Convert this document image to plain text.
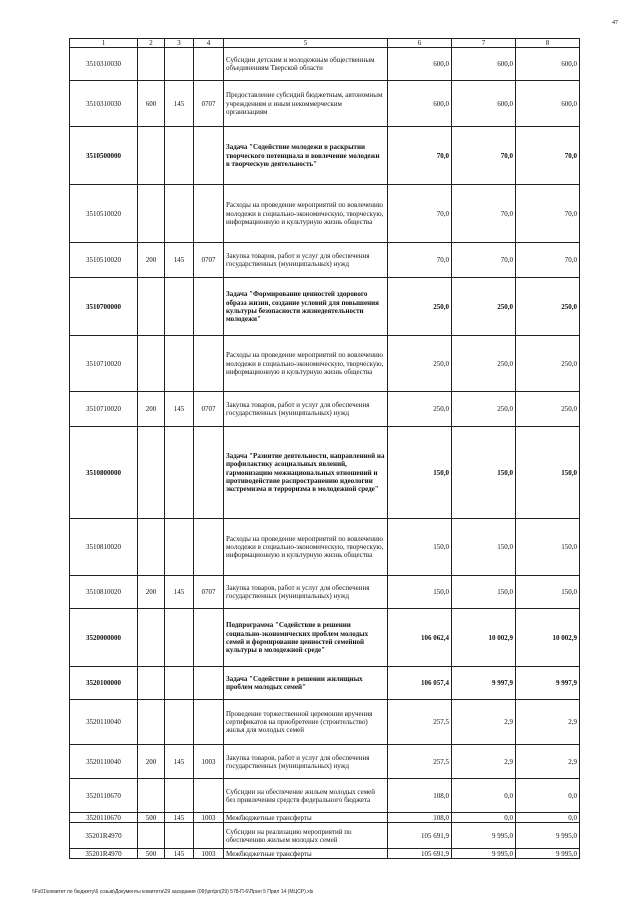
47
1	2	3	4	5	6	7	8
3510310030				Субсидии детским и молодежным общественным объединениям Тверской области	600,0	600,0	600,0
3510310030	600	145	0707	Предоставление субсидий бюджетным, автономным учреждениям и иным некоммерческим организациям	600,0	600,0	600,0
3510500000				Задача "Содействие молодежи в раскрытии творческого потенциала и вовлечение молодежи в творческую деятельность"	70,0	70,0	70,0
3510510020				Расходы на проведение мероприятий по вовлечению молодежи в социально-экономическую, творческую, информационную и культурную жизнь общества	70,0	70,0	70,0
3510510020	200	145	0707	Закупка товаров, работ и услуг для обеспечения государственных (муниципальных) нужд	70,0	70,0	70,0
3510700000				Задача "Формирование ценностей здорового образа жизни, создание условий для повышения культуры безопасности жизнедеятельности молодежи"	250,0	250,0	250,0
3510710020				Расходы на проведение мероприятий по вовлечению молодежи в социально-экономическую, творческую, информационную и культурную жизнь общества	250,0	250,0	250,0
3510710020	200	145	0707	Закупка товаров, работ и услуг для обеспечения государственных (муниципальных) нужд	250,0	250,0	250,0
3510800000				Задача "Развитие деятельности, направленной на профилактику асоциальных явлений, гармонизацию межнациональных отношений и противодействие распространению идеологии экстремизма и терроризма в молодежной среде"	150,0	150,0	150,0
3510810020				Расходы на проведение мероприятий по вовлечению молодежи в социально-экономическую, творческую, информационную и культурную жизнь общества	150,0	150,0	150,0
3510810020	200	145	0707	Закупка товаров, работ и услуг для обеспечения государственных (муниципальных) нужд	150,0	150,0	150,0
3520000000				Подпрограмма "Содействие в решении социально-экономических проблем молодых семей и формирование ценностей семейной культуры в молодежной среде"	106 062,4	10 002,9	10 002,9
3520100000				Задача "Содействие в решении жилищных проблем молодых семей"	106 057,4	9 997,9	9 997,9
3520110040				Проведение торжественной церемонии вручения сертификатов на приобретение (строительство) жилья для молодых семей	257,5	2,9	2,9
3520110040	200	145	1003	Закупка товаров, работ и услуг для обеспечения государственных (муниципальных) нужд	257,5	2,9	2,9
3520110670				Субсидии на обеспечение жильем молодых семей без привлечения средств федерального бюджета	108,0	0,0	0,0
3520110670	500	145	1003	Межбюджетные трансферты	108,0	0,0	0,0
35201R4970				Субсидии на реализацию мероприятий по обеспечению жильем молодых семей	105 691,9	9 995,0	9 995,0
35201R4970	500	145	1003	Межбюджетные трансферты	105 691,9	9 995,0	9 995,0
\\Fs01\комитет по бюджету\6 созыв\Документы комитета\29 заседание (09)\рп\рп(29) 578-П-6\Прил 5 Прил 14 (МЦСР).xls
